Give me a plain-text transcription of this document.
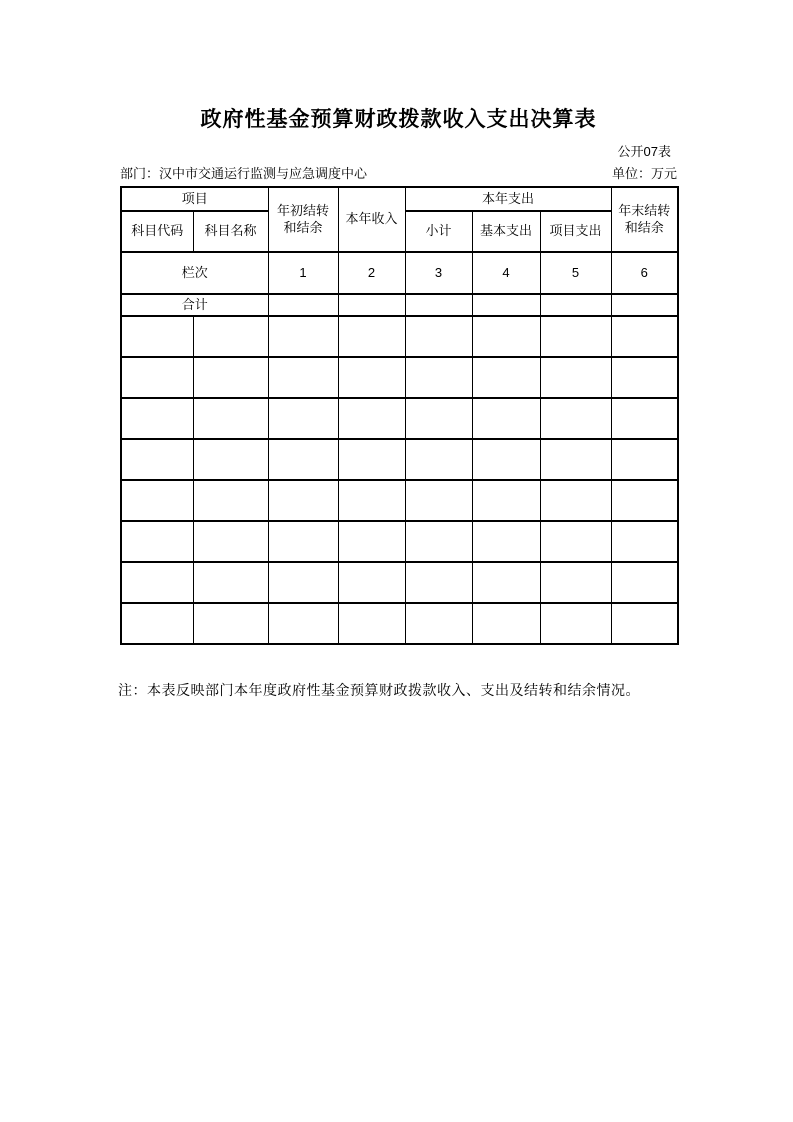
政府性基金预算财政拨款收入支出决算表
公开07表
部门：汉中市交通运行监测与应急调度中心	单位：万元
项目		年初结转和结余	本年收入	本年支出			年末结转和结余
科目代码	科目名称			小计	基本支出	项目支出	
栏次		1	2	3	4	5	6
合计							

注：本表反映部门本年度政府性基金预算财政拨款收入、支出及结转和结余情况。
